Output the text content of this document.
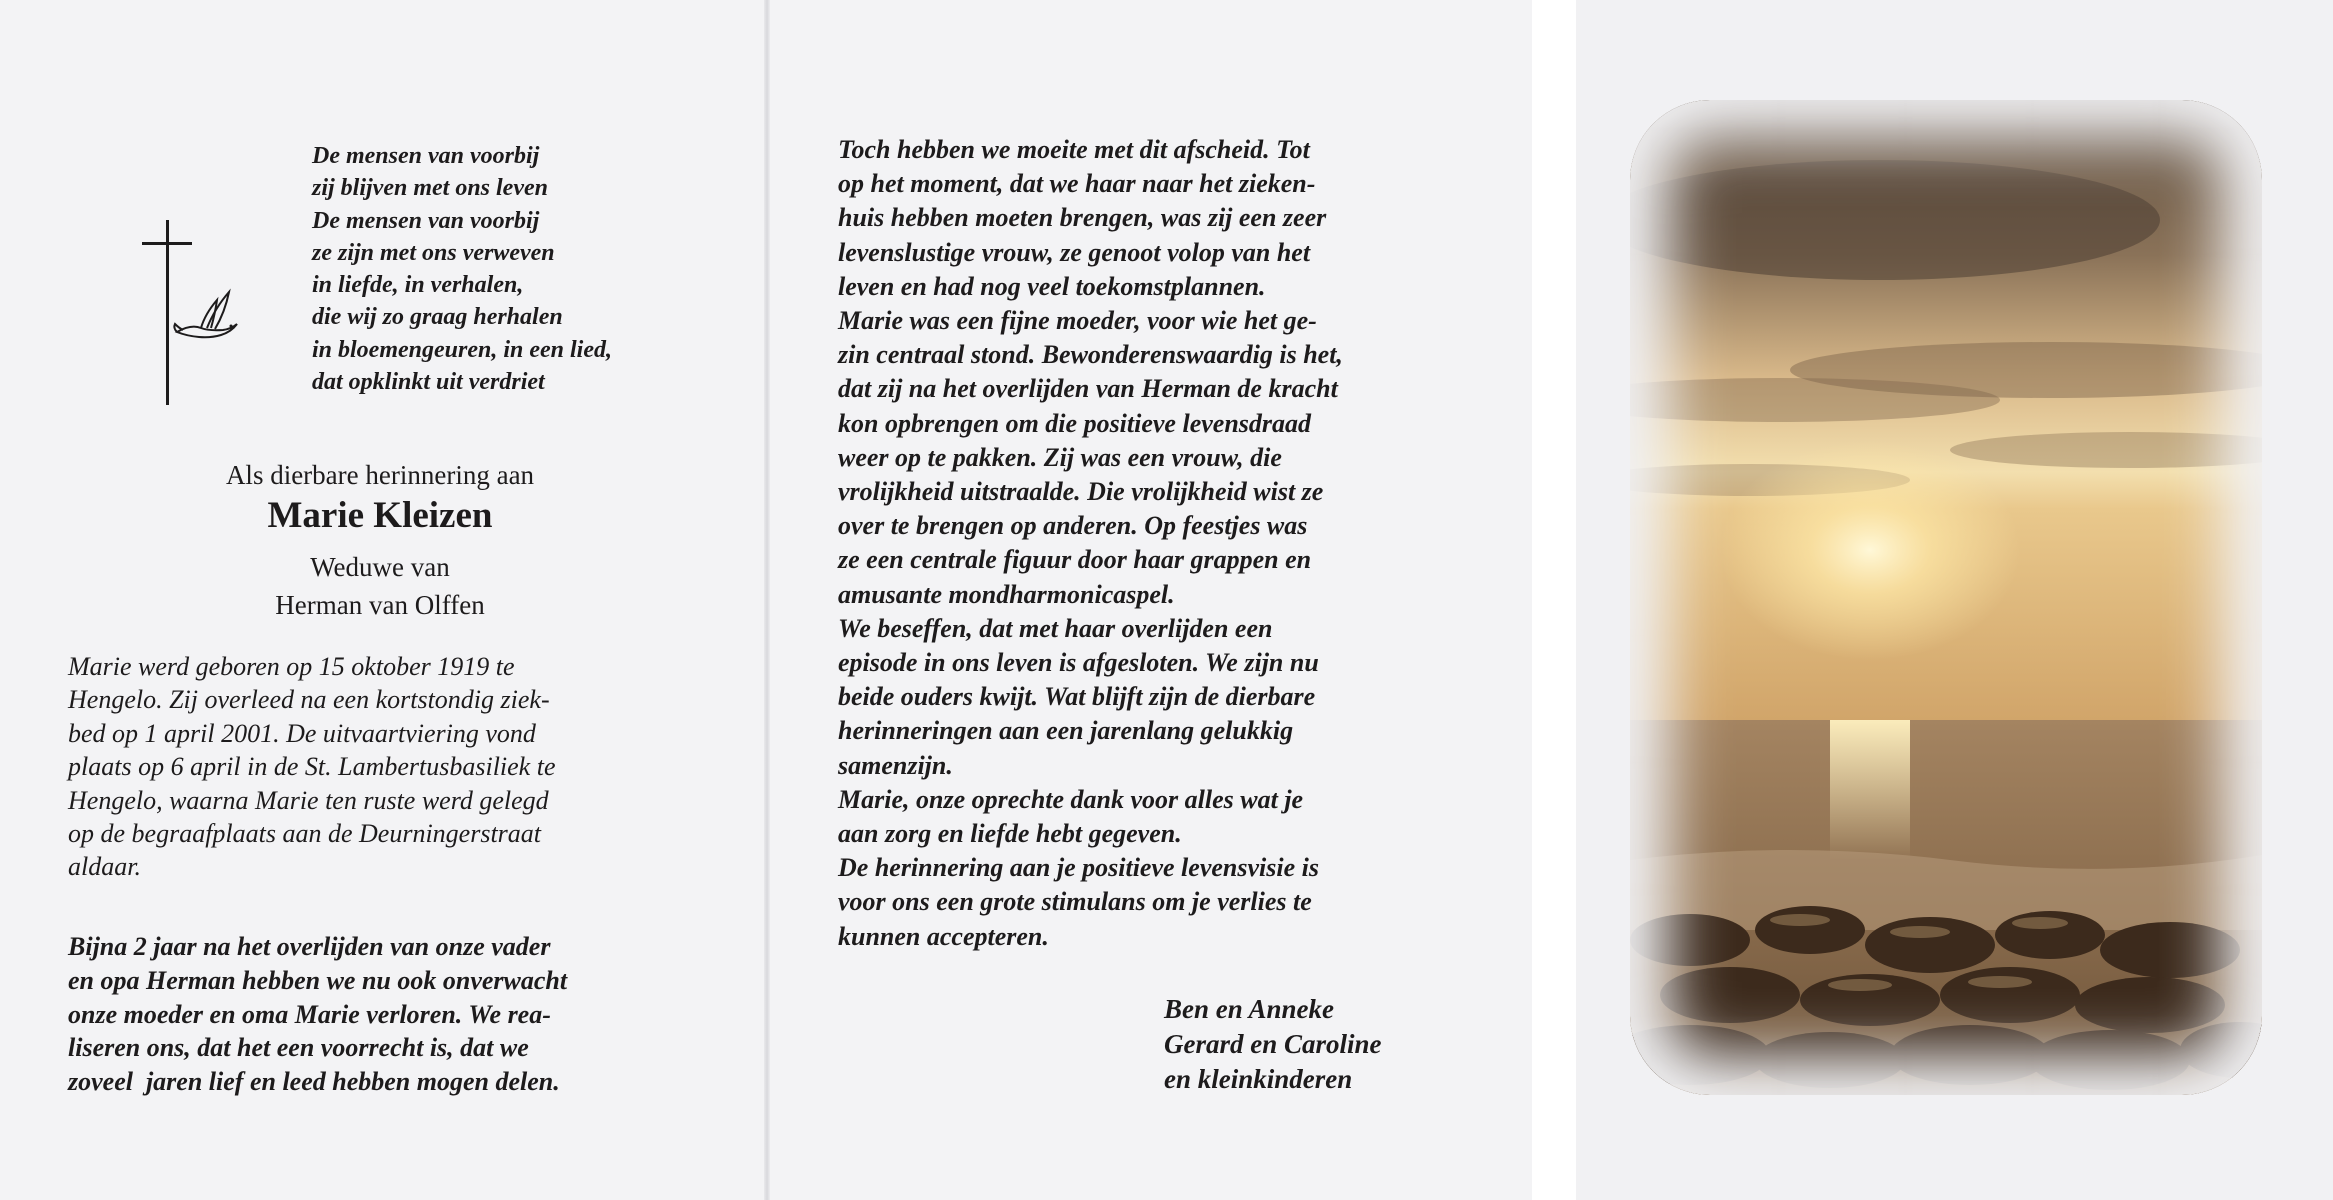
De mensen van voorbij
zij blijven met ons leven
De mensen van voorbij
ze zijn met ons verweven
in liefde, in verhalen,
die wij zo graag herhalen
in bloemengeuren, in een lied,
dat opklinkt uit verdriet

Als dierbare herinnering aan

Marie Kleizen

Weduwe van

Herman van Olffen

Marie werd geboren op 15 oktober 1919 te
Hengelo. Zij overleed na een kortstondig ziek-
bed op 1 april 2001. De uitvaartviering vond
plaats op 6 april in de St. Lambertusbasiliek te
Hengelo, waarna Marie ten ruste werd gelegd
op de begraafplaats aan de Deurningerstraat
aldaar.
Bijna 2 jaar na het overlijden van onze vader
en opa Herman hebben we nu ook onverwacht
onze moeder en oma Marie verloren. We rea-
liseren ons, dat het een voorrecht is, dat we
zoveel  jaren lief en leed hebben mogen delen.
Toch hebben we moeite met dit afscheid. Tot
op het moment, dat we haar naar het zieken-
huis hebben moeten brengen, was zij een zeer
levenslustige vrouw, ze genoot volop van het
leven en had nog veel toekomstplannen.
Marie was een fijne moeder, voor wie het ge-
zin centraal stond. Bewonderenswaardig is het,
dat zij na het overlijden van Herman de kracht
kon opbrengen om die positieve levensdraad
weer op te pakken. Zij was een vrouw, die
vrolijkheid uitstraalde. Die vrolijkheid wist ze
over te brengen op anderen. Op feestjes was
ze een centrale figuur door haar grappen en
amusante mondharmonicaspel.
We beseffen, dat met haar overlijden een
episode in ons leven is afgesloten. We zijn nu
beide ouders kwijt. Wat blijft zijn de dierbare
herinneringen aan een jarenlang gelukkig
samenzijn.
Marie, onze oprechte dank voor alles wat je
aan zorg en liefde hebt gegeven.
De herinnering aan je positieve levensvisie is
voor ons een grote stimulans om je verlies te
kunnen accepteren.
Ben en Anneke
Gerard en Caroline
en kleinkinderen
